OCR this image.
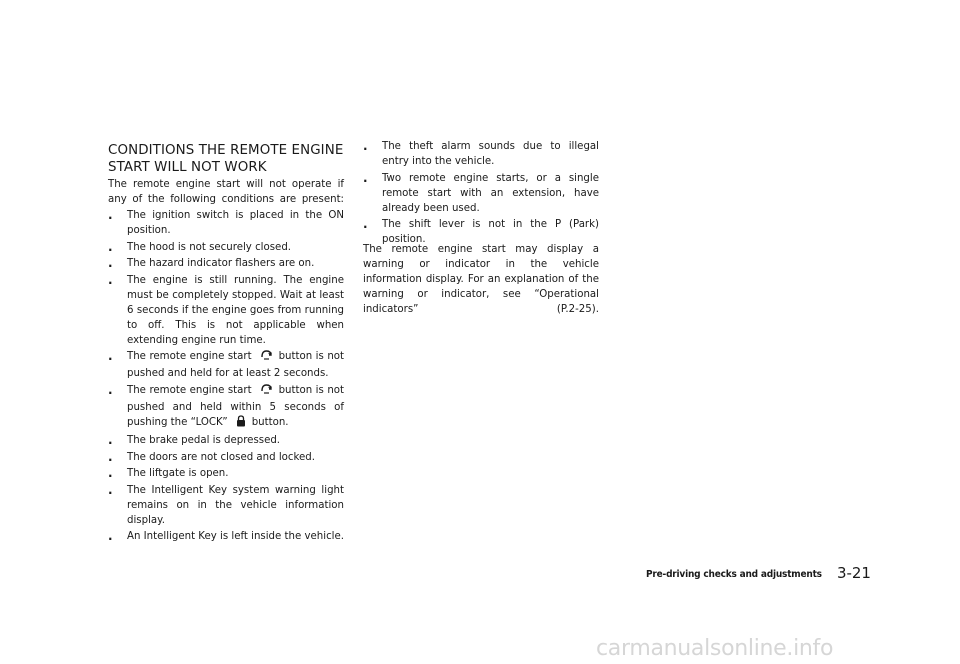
CONDITIONS THE REMOTE ENGINE
START WILL NOT WORK

The remote engine start will not operate if any of the following conditions are present:

. The ignition switch is placed in the ON position.
. The hood is not securely closed.
. The hazard indicator flashers are on.
. The engine is still running. The engine must be completely stopped. Wait at least 6 seconds if the engine goes from running to off. This is not applicable when extending engine run time.
. The remote engine start	button is not pushed and held for at least 2 seconds.
. The remote engine start	button is not pushed and held within 5 seconds of pushing the “LOCK” button.
. The brake pedal is depressed.
. The doors are not closed and locked.
. The liftgate is open.
. The Intelligent Key system warning light remains on in the vehicle information display.
. An Intelligent Key is left inside the vehicle.
. The theft alarm sounds due to illegal entry into the vehicle.
. Two remote engine starts, or a single remote start with an extension, have already been used.
. The shift lever is not in the P (Park) position.

The remote engine start may display a warning or indicator in the vehicle information display. For an explanation of the warning or indicator, see “Operational indicators” (P.2-25).

Pre-driving checks and adjustments 3-21
carmanualsonline.info
